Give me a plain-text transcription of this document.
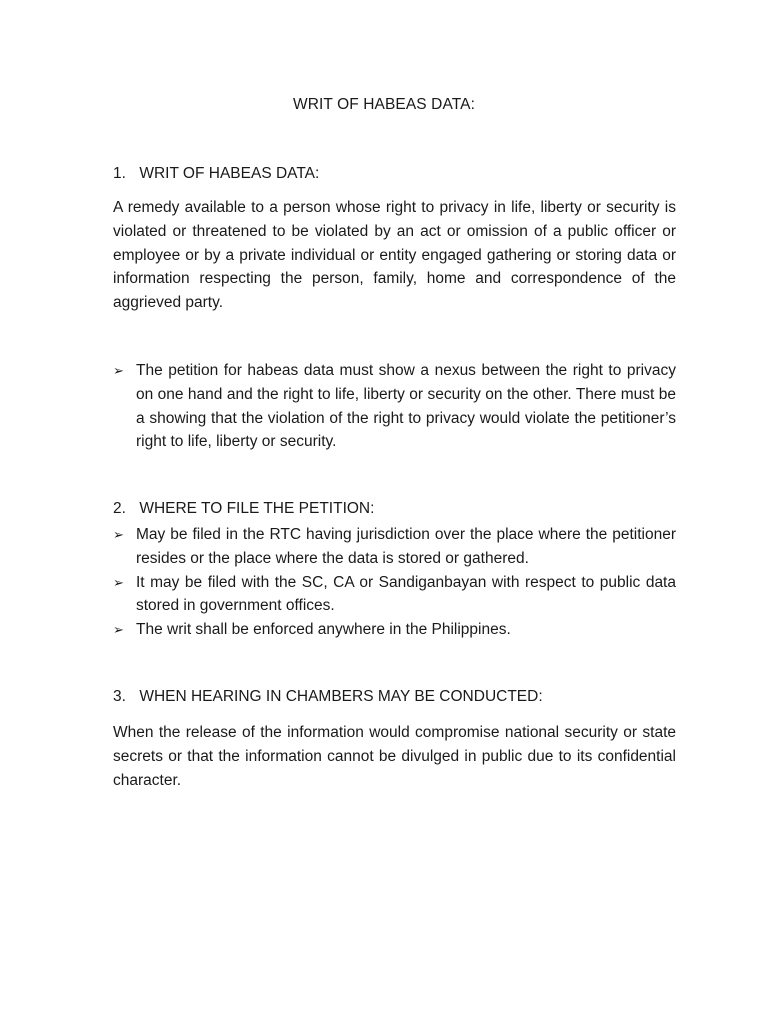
WRIT OF HABEAS DATA:
1. WRIT OF HABEAS DATA:
A remedy available to a person whose right to privacy in life, liberty or security is violated or threatened to be violated by an act or omission of a public officer or employee or by a private individual or entity engaged gathering or storing data or information respecting the person, family, home and correspondence of the aggrieved party.
➢ The petition for habeas data must show a nexus between the right to privacy on one hand and the right to life, liberty or security on the other. There must be a showing that the violation of the right to privacy would violate the petitioner’s right to life, liberty or security.
2. WHERE TO FILE THE PETITION:
➢ May be filed in the RTC having jurisdiction over the place where the petitioner resides or the place where the data is stored or gathered.
➢ It may be filed with the SC, CA or Sandiganbayan with respect to public data stored in government offices.
➢ The writ shall be enforced anywhere in the Philippines.
3. WHEN HEARING IN CHAMBERS MAY BE CONDUCTED:
When the release of the information would compromise national security or state secrets or that the information cannot be divulged in public due to its confidential character.
